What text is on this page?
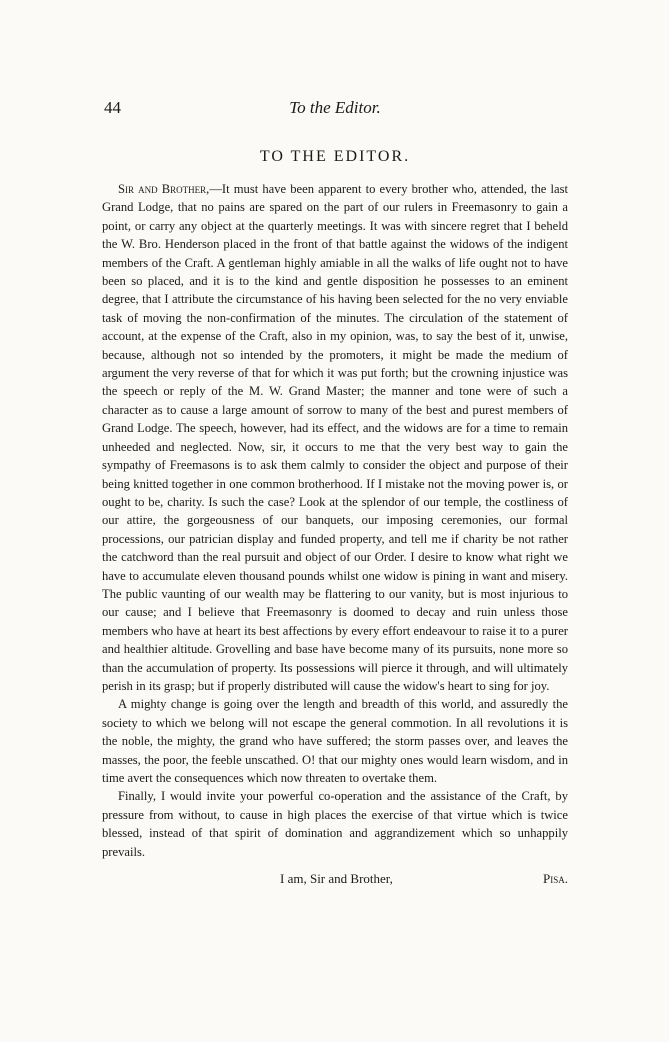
44	To the Editor.
TO THE EDITOR.

Sir and Brother,—It must have been apparent to every brother who, attended, the last Grand Lodge, that no pains are spared on the part of our rulers in Freemasonry to gain a point, or carry any object at the quarterly meetings. It was with sincere regret that I beheld the W. Bro. Henderson placed in the front of that battle against the widows of the indigent members of the Craft. A gentleman highly amiable in all the walks of life ought not to have been so placed, and it is to the kind and gentle disposition he possesses to an eminent degree, that I attribute the circumstance of his having been selected for the no very enviable task of moving the non-confirmation of the minutes. The circulation of the statement of account, at the expense of the Craft, also in my opinion, was, to say the best of it, unwise, because, although not so intended by the promoters, it might be made the medium of argument the very reverse of that for which it was put forth; but the crowning injustice was the speech or reply of the M. W. Grand Master; the manner and tone were of such a character as to cause a large amount of sorrow to many of the best and purest members of Grand Lodge. The speech, however, had its effect, and the widows are for a time to remain unheeded and neglected. Now, sir, it occurs to me that the very best way to gain the sympathy of Freemasons is to ask them calmly to consider the object and purpose of their being knitted together in one common brotherhood. If I mistake not the moving power is, or ought to be, charity. Is such the case? Look at the splendor of our temple, the costliness of our attire, the gorgeousness of our banquets, our imposing ceremonies, our formal processions, our patrician display and funded property, and tell me if charity be not rather the catchword than the real pursuit and object of our Order. I desire to know what right we have to accumulate eleven thousand pounds whilst one widow is pining in want and misery. The public vaunting of our wealth may be flattering to our vanity, but is most injurious to our cause; and I believe that Freemasonry is doomed to decay and ruin unless those members who have at heart its best affections by every effort endeavour to raise it to a purer and healthier altitude. Grovelling and base have become many of its pursuits, none more so than the accumulation of property. Its possessions will pierce it through, and will ultimately perish in its grasp; but if properly distributed will cause the widow's heart to sing for joy.

A mighty change is going over the length and breadth of this world, and assuredly the society to which we belong will not escape the general commotion. In all revolutions it is the noble, the mighty, the grand who have suffered; the storm passes over, and leaves the masses, the poor, the feeble unscathed. O! that our mighty ones would learn wisdom, and in time avert the consequences which now threaten to overtake them.

Finally, I would invite your powerful co-operation and the assistance of the Craft, by pressure from without, to cause in high places the exercise of that virtue which is twice blessed, instead of that spirit of domination and aggrandizement which so unhappily prevails.

I am, Sir and Brother,	Pisa.
